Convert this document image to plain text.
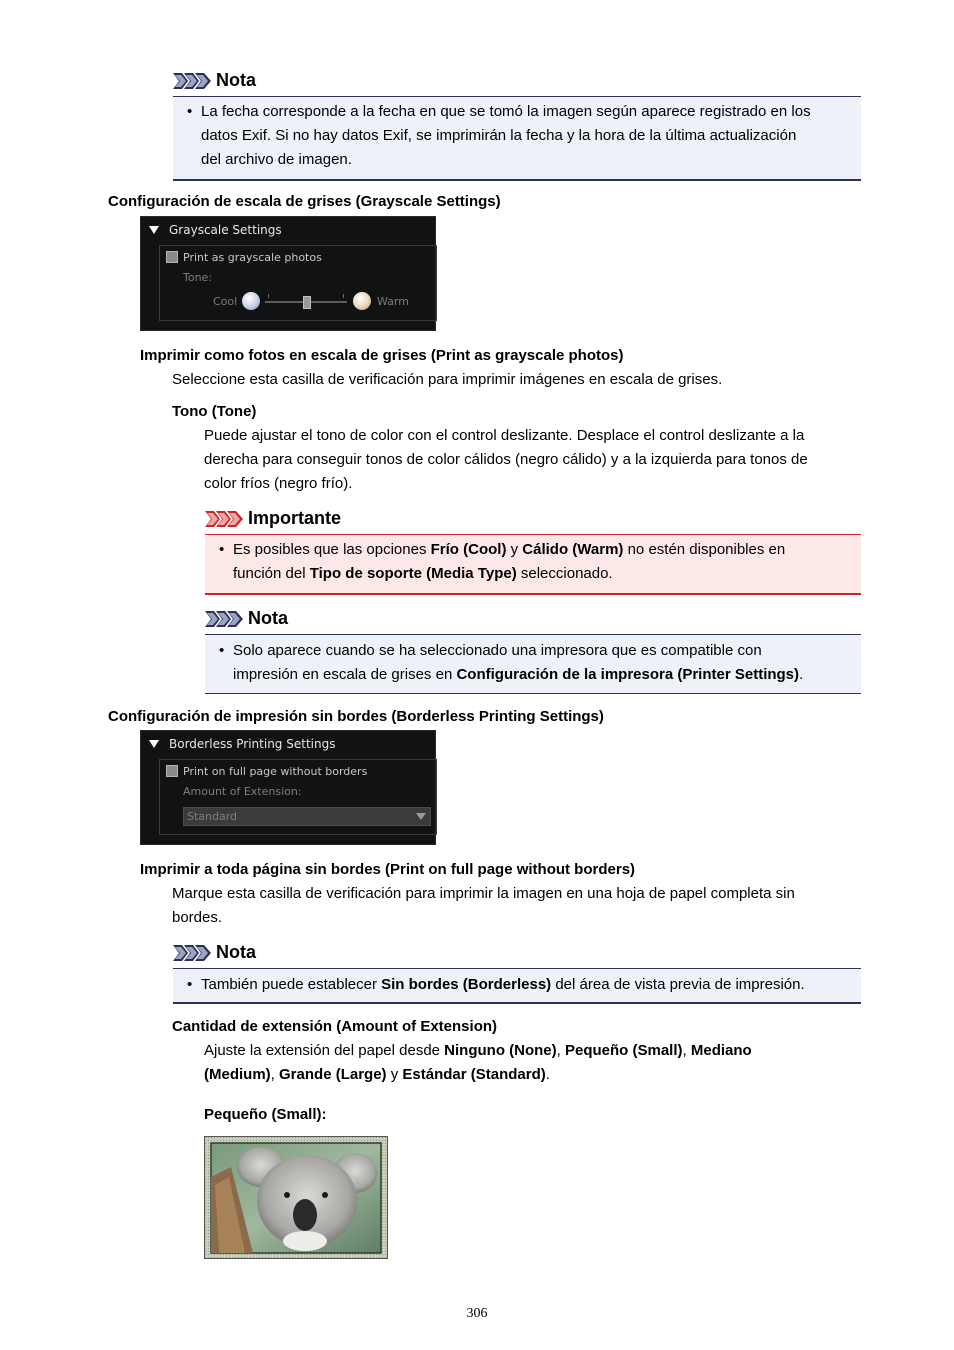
Nota
• La fecha corresponde a la fecha en que se tomó la imagen según aparece registrado en los
datos Exif. Si no hay datos Exif, se imprimirán la fecha y la hora de la última actualización
del archivo de imagen.
Configuración de escala de grises (Grayscale Settings)
Grayscale Settings
Print as grayscale photos
Tone:
Cool	Warm
Imprimir como fotos en escala de grises (Print as grayscale photos)
Seleccione esta casilla de verificación para imprimir imágenes en escala de grises.
Tono (Tone)
Puede ajustar el tono de color con el control deslizante. Desplace el control deslizante a la
derecha para conseguir tonos de color cálidos (negro cálido) y a la izquierda para tonos de
color fríos (negro frío).
Importante
• Es posibles que las opciones Frío (Cool) y Cálido (Warm) no estén disponibles en
función del Tipo de soporte (Media Type) seleccionado.
Nota
• Solo aparece cuando se ha seleccionado una impresora que es compatible con
impresión en escala de grises en Configuración de la impresora (Printer Settings).
Configuración de impresión sin bordes (Borderless Printing Settings)
Borderless Printing Settings
Print on full page without borders
Amount of Extension:
Standard
Imprimir a toda página sin bordes (Print on full page without borders)
Marque esta casilla de verificación para imprimir la imagen en una hoja de papel completa sin
bordes.
Nota
• También puede establecer Sin bordes (Borderless) del área de vista previa de impresión.
Cantidad de extensión (Amount of Extension)
Ajuste la extensión del papel desde Ninguno (None), Pequeño (Small), Mediano
(Medium), Grande (Large) y Estándar (Standard).
Pequeño (Small):
306
